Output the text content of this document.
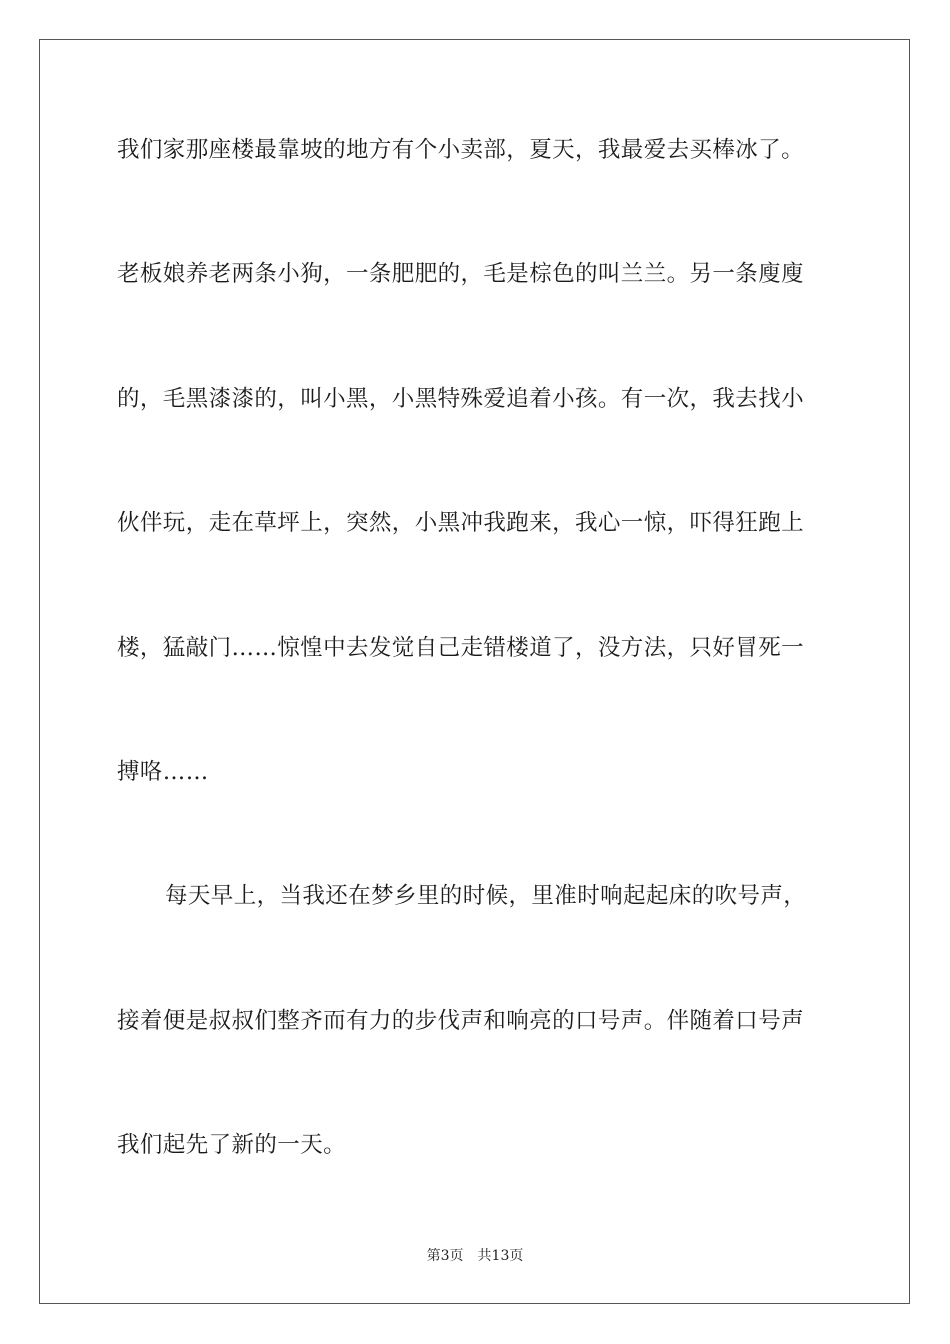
我们家那座楼最靠坡的地方有个小卖部，夏天，我最爱去买棒冰了。
老板娘养老两条小狗，一条肥肥的，毛是棕色的叫兰兰。另一条廋廋
的，毛黑漆漆的，叫小黑，小黑特殊爱追着小孩。有一次，我去找小
伙伴玩，走在草坪上，突然，小黑冲我跑来，我心一惊，吓得狂跑上
楼，猛敲门……惊惶中去发觉自己走错楼道了，没方法，只好冒死一
搏咯……
每天早上，当我还在梦乡里的时候，里准时响起起床的吹号声，
接着便是叔叔们整齐而有力的步伐声和响亮的口号声。伴随着口号声
我们起先了新的一天。
第3页 共13页
